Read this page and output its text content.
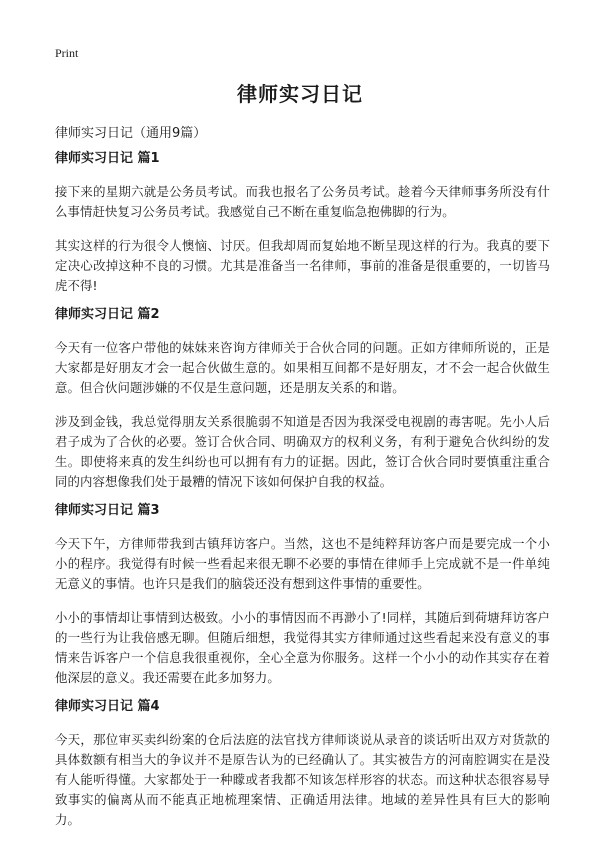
Print
律师实习日记

律师实习日记（通用9篇）

律师实习日记 篇1

接下来的星期六就是公务员考试。而我也报名了公务员考试。趁着今天律师事务所没有什么事情赶快复习公务员考试。我感觉自己不断在重复临急抱佛脚的行为。

其实这样的行为很令人懊恼、讨厌。但我却周而复始地不断呈现这样的行为。我真的要下定决心改掉这种不良的习惯。尤其是准备当一名律师，事前的准备是很重要的，一切皆马虎不得!

律师实习日记 篇2

今天有一位客户带他的妹妹来咨询方律师关于合伙合同的问题。正如方律师所说的，正是大家都是好朋友才会一起合伙做生意的。如果相互间都不是好朋友，才不会一起合伙做生意。但合伙问题涉嫌的不仅是生意问题，还是朋友关系的和谐。

涉及到金钱，我总觉得朋友关系很脆弱不知道是否因为我深受电视剧的毒害呢。先小人后君子成为了合伙的必要。签订合伙合同、明确双方的权利义务，有利于避免合伙纠纷的发生。即使将来真的发生纠纷也可以拥有有力的证据。因此，签订合伙合同时要慎重注重合同的内容想像我们处于最糟的情况下该如何保护自我的权益。

律师实习日记 篇3

今天下午，方律师带我到古镇拜访客户。当然，这也不是纯粹拜访客户而是要完成一个小小的程序。我觉得有时候一些看起来很无聊不必要的事情在律师手上完成就不是一件单纯无意义的事情。也许只是我们的脑袋还没有想到这件事情的重要性。

小小的事情却让事情到达极致。小小的事情因而不再渺小了!同样，其随后到荷塘拜访客户的一些行为让我倍感无聊。但随后细想，我觉得其实方律师通过这些看起来没有意义的事情来告诉客户一个信息我很重视你，全心全意为你服务。这样一个小小的动作其实存在着他深层的意义。我还需要在此多加努力。

律师实习日记 篇4

今天，那位审买卖纠纷案的仓后法庭的法官找方律师谈说从录音的谈话听出双方对货款的具体数额有相当大的争议并不是原告认为的已经确认了。其实被告方的河南腔调实在是没有人能听得懂。大家都处于一种矇或者我都不知该怎样形容的状态。而这种状态很容易导致事实的偏离从而不能真正地梳理案情、正确适用法律。地域的差异性具有巨大的影响力。
